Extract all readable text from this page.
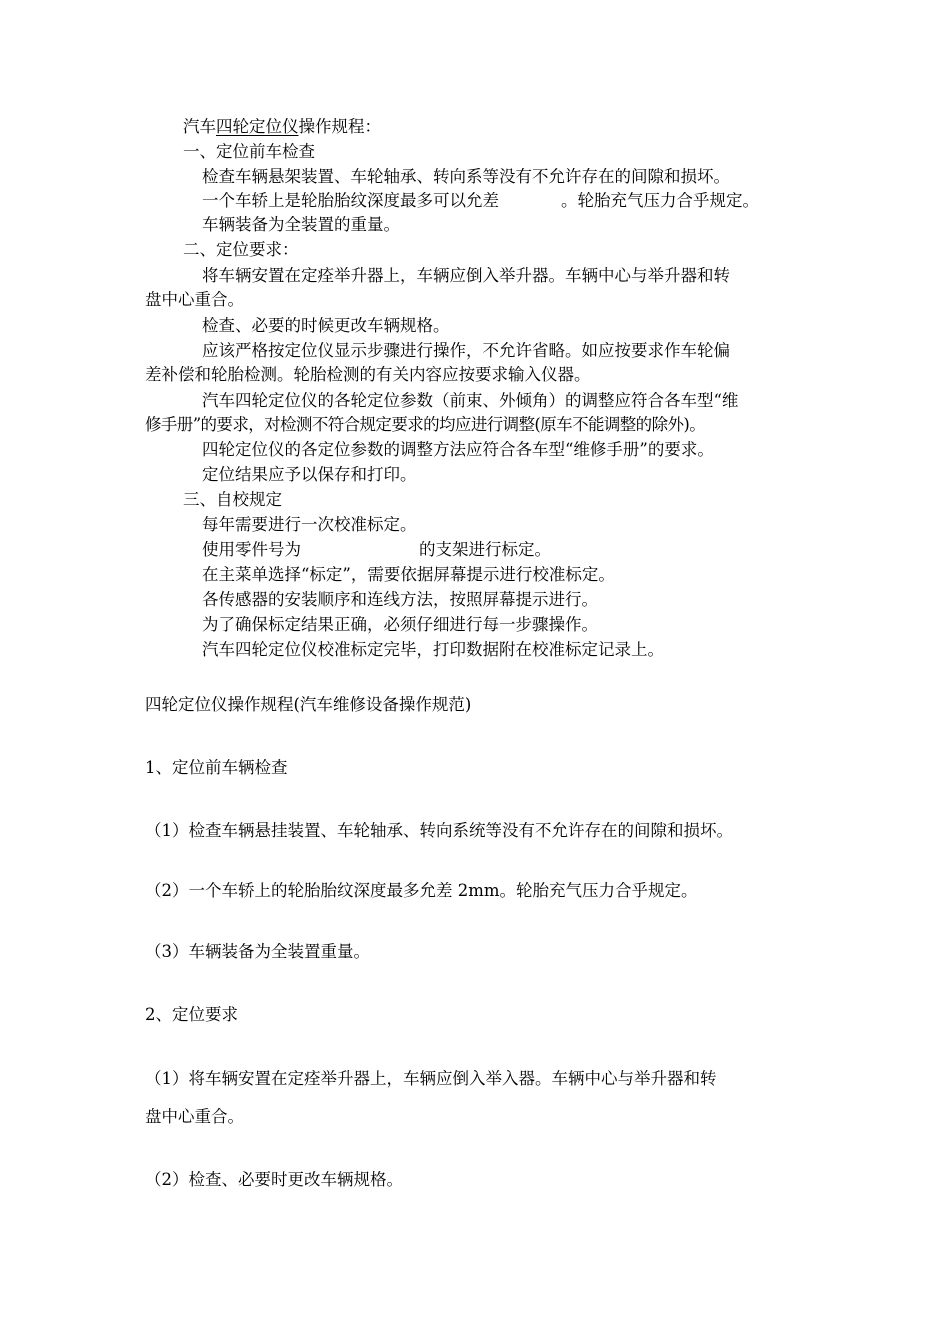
汽车四轮定位仪操作规程：
一、定位前车检查
检查车辆悬架装置、车轮轴承、转向系等没有不允许存在的间隙和损坏。
一个车轿上是轮胎胎纹深度最多可以允差	。轮胎充气压力合乎规定。
车辆装备为全装置的重量。
二、定位要求：
将车辆安置在定痊举升器上，车辆应倒入举升器。车辆中心与举升器和转
盘中心重合。
检查、必要的时候更改车辆规格。
应该严格按定位仪显示步骤进行操作，不允许省略。如应按要求作车轮偏
差补偿和轮胎检测。轮胎检测的有关内容应按要求输入仪器。
汽车四轮定位仪的各轮定位参数（前束、外倾角）的调整应符合各车型“维
修手册”的要求，对检测不符合规定要求的均应进行调整(原车不能调整的除外)。
四轮定位仪的各定位参数的调整方法应符合各车型“维修手册”的要求。
定位结果应予以保存和打印。
三、自校规定
每年需要进行一次校准标定。
使用零件号为	的支架进行标定。
在主菜单选择“标定”，需要依据屏幕提示进行校准标定。
各传感器的安装顺序和连线方法，按照屏幕提示进行。
为了确保标定结果正确，必须仔细进行每一步骤操作。
汽车四轮定位仪校准标定完毕，打印数据附在校准标定记录上。
四轮定位仪操作规程(汽车维修设备操作规范)
1、定位前车辆检查
（1）检查车辆悬挂装置、车轮轴承、转向系统等没有不允许存在的间隙和损坏。
（2）一个车轿上的轮胎胎纹深度最多允差 2mm。轮胎充气压力合乎规定。
（3）车辆装备为全装置重量。
2、定位要求
（1）将车辆安置在定痊举升器上，车辆应倒入举入器。车辆中心与举升器和转
盘中心重合。
（2）检查、必要时更改车辆规格。
